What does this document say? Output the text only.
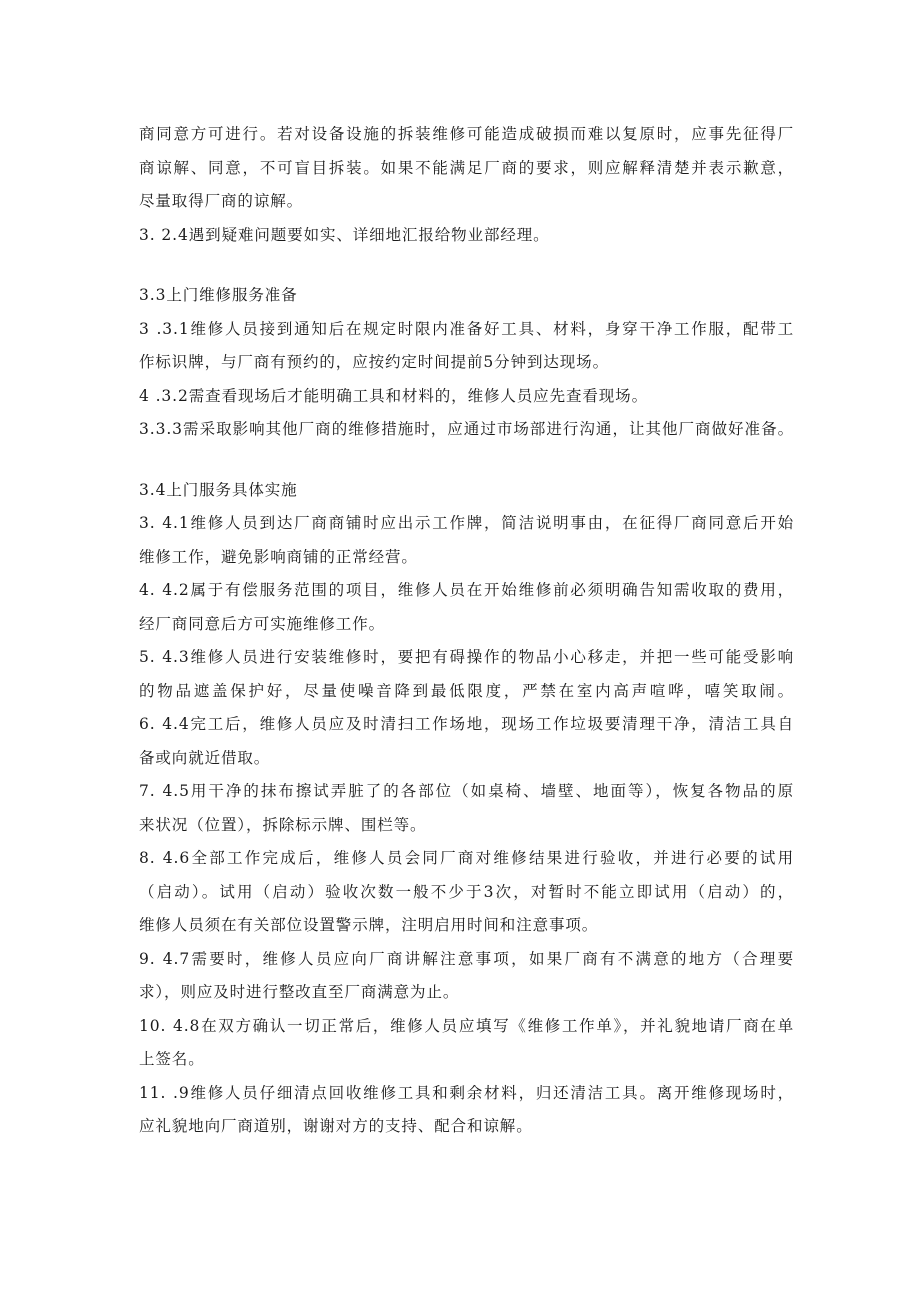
商同意方可进行。若对设备设施的拆装维修可能造成破损而难以复原时，应事先征得厂
商谅解、同意，不可盲目拆装。如果不能满足厂商的要求，则应解释清楚并表示歉意，
尽量取得厂商的谅解。
3. 2.4遇到疑难问题要如实、详细地汇报给物业部经理。
3.3上门维修服务准备
3 .3.1维修人员接到通知后在规定时限内准备好工具、材料，身穿干净工作服，配带工
作标识牌，与厂商有预约的，应按约定时间提前5分钟到达现场。
4 .3.2需查看现场后才能明确工具和材料的，维修人员应先查看现场。
3.3.3需采取影响其他厂商的维修措施时，应通过市场部进行沟通，让其他厂商做好准备。
3.4上门服务具体实施
3. 4.1维修人员到达厂商商铺时应出示工作牌，简洁说明事由，在征得厂商同意后开始
维修工作，避免影响商铺的正常经营。
4. 4.2属于有偿服务范围的项目，维修人员在开始维修前必须明确告知需收取的费用，
经厂商同意后方可实施维修工作。
5. 4.3维修人员进行安装维修时，要把有碍操作的物品小心移走，并把一些可能受影响
的物品遮盖保护好，尽量使噪音降到最低限度，严禁在室内高声喧哗，嘻笑取闹。
6. 4.4完工后，维修人员应及时清扫工作场地，现场工作垃圾要清理干净，清洁工具自
备或向就近借取。
7. 4.5用干净的抹布擦试弄脏了的各部位（如桌椅、墙壁、地面等），恢复各物品的原
来状况（位置），拆除标示牌、围栏等。
8. 4.6全部工作完成后，维修人员会同厂商对维修结果进行验收，并进行必要的试用
（启动）。试用（启动）验收次数一般不少于3次，对暂时不能立即试用（启动）的，
维修人员须在有关部位设置警示牌，注明启用时间和注意事项。
9. 4.7需要时，维修人员应向厂商讲解注意事项，如果厂商有不满意的地方（合理要
求），则应及时进行整改直至厂商满意为止。
10. 4.8在双方确认一切正常后，维修人员应填写《维修工作单》，并礼貌地请厂商在单
上签名。
11. .9维修人员仔细清点回收维修工具和剩余材料，归还清洁工具。离开维修现场时，
应礼貌地向厂商道别，谢谢对方的支持、配合和谅解。
